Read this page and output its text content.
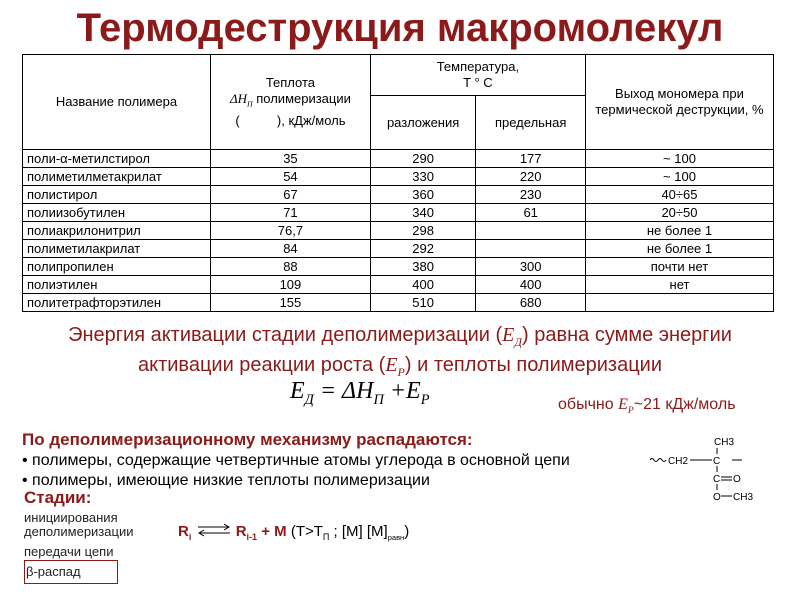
Термодеструкция макромолекул
Название полимера	Теплота
$\Delta H_П$ полимеризации
( ), кДж/моль	Температура,
T ° C		Выход мономера при термической деструкции, %
		разложения	предельная	
поли-α-метилстирол	35	290	177	~ 100
полиметилметакрилат	54	330	220	~ 100
полистирол	67	360	230	40÷65
полиизобутилен	71	340	61	20÷50
полиакрилонитрил	76,7	298		не более 1
полиметилакрилат	84	292		не более 1
полипропилен	88	380	300	почти нет
полиэтилен	109	400	400	нет
политетрафторэтилен	155	510	680	
Энергия активации стадии деполимеризации $(E_Д)$ равна сумме энергии
активации реакции роста $(E_P)$ и теплоты полимеризации
$E_Д = \Delta H_П +E_P$	обычно $E_P\sim 21$ кДж/моль
По деполимеризационному механизму распадаются:
• полимеры, содержащие четвертичные атомы углерода в основной цепи
• полимеры, имеющие низкие теплоты полимеризации
CH2 C
CH3
C O
O CH3
Стадии:
инициирования
деполимеризации
передачи цепи
β-распад
$R_i$ ⇌ $R_{i-1} + M$ ($T>T_П$ ; [M] $[M]_{равн}$)
